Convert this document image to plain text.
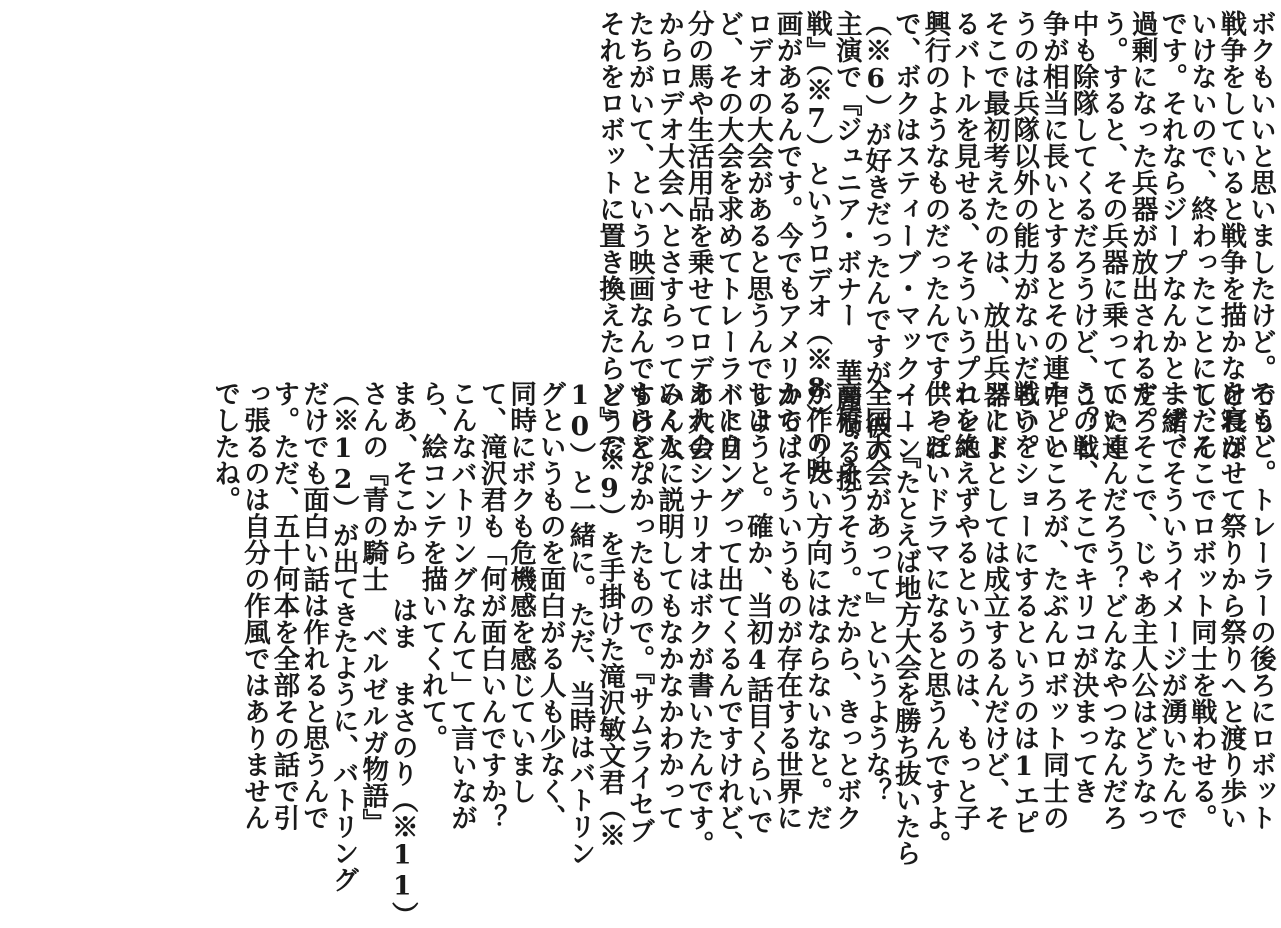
ボクもいいと思いましたけど。でも、
戦争をしていると戦争を描かなければ
いけないので、終わったことにしたん
です。それならジープなんかと一緒で
過剰になった兵器が放出されるだろ
う。すると、その兵器に乗っていた連
中も除隊してくるだろうけど、この戦
争が相当に長いとするとその連中とい
うのは兵隊以外の能力がないだろう。
そこで最初考えたのは、放出兵器によ
るバトルを見せる、そういうプロレス
興行のようなものだったんです。それ
で、ボクはスティーブ・マックイーン
（※6）が好きだったんですが、彼の
主演で『ジュニア・ボナー 華麗なる挑
戦』（※7）というロデオ（※8）の映
画があるんです。今でもアメリカでは
ロデオの大会があると思うんですけ
ど、その大会を求めてトレーラーに自
分の馬や生活用品を乗せてロデオ大会
からロデオ大会へとさすらっていく人
たちがいて、という映画なんですけど。
それをロボットに置き換えたらどうだ
ろうと。トレーラーの後ろにロボット
を寝かせて祭りから祭りへと渡り歩い
て、そこでロボット同士を戦わせる。
まず、そういうイメージが湧いたんで
す。そこで、じゃあ主人公はどうなっ
ていくんだろう？どんなやつなんだろ
う？と、そこでキリコが決まってき
た。ところが、たぶんロボット同士の
戦いをショーにするというのは1エピ
ソードとしては成立するんだけど、そ
れを絶えずやるというのは、もっと子
供っぽいドラマになると思うんですよ。
──『たとえば地方大会を勝ち抜いたら
全国大会があって』というような？
高橋：そうそう。だから、きっとボク
が作りたい方向にはならないなと。だ
から、そういうものが存在する世界に
しようと。確か、当初4話目くらいで
バトリングって出てくるんですけれど、
あれのシナリオはボクが書いたんです。
みんなに説明してもなかなかわかって
もらえなかったもので。『サムライセブ
ン』（※9）を手掛けた滝沢敏文君（※
10）と一緒に。ただ、当時はバトリン
グというものを面白がる人も少なく、
同時にボクも危機感を感じていまし
て、滝沢君も「何が面白いんですか？
こんなバトリングなんて」て言いなが
ら、絵コンテを描いてくれて。
まあ、そこから はま まさのり（※11）
さんの『青の騎士 ベルゼルガ物語』
（※12）が出てきたように、バトリング
だけでも面白い話は作れると思うんで
す。ただ、五十何本を全部その話で引
っ張るのは自分の作風ではありません
でしたね。
